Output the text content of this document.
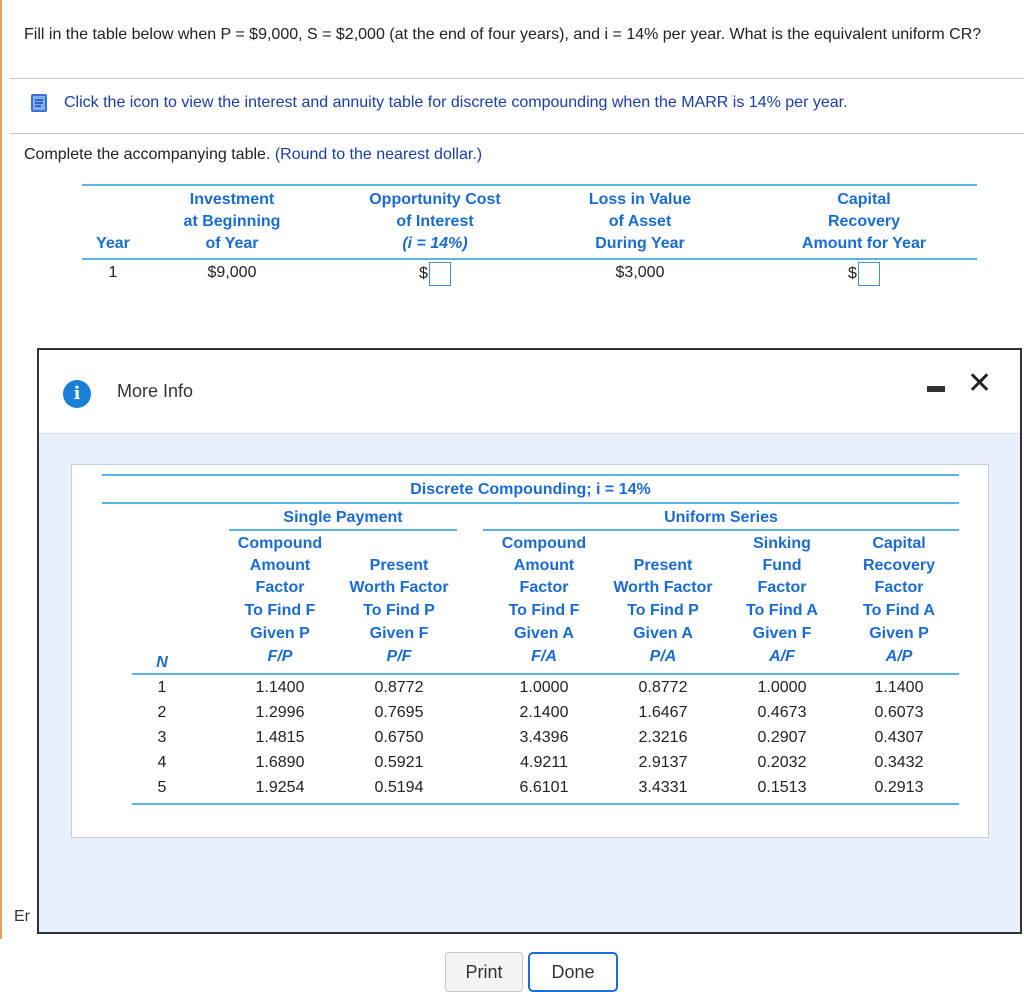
Fill in the table below when P = $9,000, S = $2,000 (at the end of four years), and i = 14% per year. What is the equivalent uniform CR?
Click the icon to view the interest and annuity table for discrete compounding when the MARR is 14% per year.
Complete the accompanying table. (Round to the nearest dollar.)
Year
Investment
at Beginning
of Year
Opportunity Cost
of Interest
(i = 14%)
Loss in Value
of Asset
During Year
Capital
Recovery
Amount for Year
1	$9,000	$	$3,000	$
Er
i	More Info	✕
Discrete Compounding; i = 14%
Single Payment	Uniform Series
N
Compound
Amount
Factor
To Find F
Given P
F/P
Present
Worth Factor
To Find P
Given F
P/F
Compound
Amount
Factor
To Find F
Given A
F/A
Present
Worth Factor
To Find P
Given A
P/A
Sinking
Fund
Factor
To Find A
Given F
A/F
Capital
Recovery
Factor
To Find A
Given P
A/P
1	1.1400	0.8772	1.0000	0.8772	1.0000	1.1400
2	1.2996	0.7695	2.1400	1.6467	0.4673	0.6073
3	1.4815	0.6750	3.4396	2.3216	0.2907	0.4307
4	1.6890	0.5921	4.9211	2.9137	0.2032	0.3432
5	1.9254	0.5194	6.6101	3.4331	0.1513	0.2913
Print	Done
